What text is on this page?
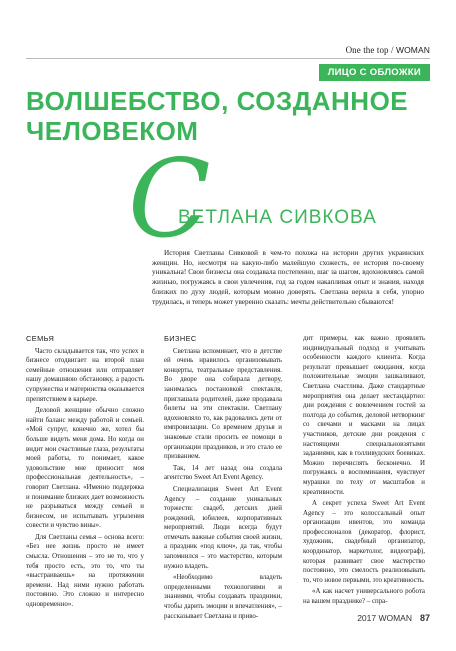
One the top / WOMAN
ЛИЦО С ОБЛОЖКИ
ВОЛШЕБСТВО, СОЗДАННОЕ
ЧЕЛОВЕКОМ
С
ВЕТЛАНА СИВКОВА

История Светланы Сивковой в чем-то похожа на истории других украинских женщин. Но, несмотря на какую-либо малейшую схожесть, ее история по-своему уникальна! Свои бизнесы она создавала постепенно, шаг за шагом, вдохновляясь самой жизнью, погружаясь в свои увлечения, год за годом накапливая опыт и знания, находя близких по духу людей, которым можно доверять. Светлана верила в себя, упорно трудилась, и теперь может уверенно сказать: мечты действительно сбываются!

СЕМЬЯ

Часто складывается так, что успех в бизнесе отодвигает на второй план семейные отношения или отправляет нашу домашнюю обстановку, а радость супружества и материнства оказывается препятствием в карьере.

Деловой женщине обычно сложно найти баланс между работой и семьей. «Мой супруг, конечно же, хотел бы больше видеть меня дома. Но когда он видит мои счастливые глаза, результаты моей работы, то понимает, какое удовольствие мне приносит моя профессиональная деятельность», – говорит Светлана. «Именно поддержка и понимание близких дает возможность не разрываться между семьей и бизнесом, не испытывать угрызения совести и чувство вины».

Для Светланы семья – основа всего: «Без нее жизнь просто не имеет смысла. Отношения – это не то, что у тебя просто есть, это то, что ты «выстраиваешь» на протяжении времени. Над ними нужно работать постоянно. Это сложно и интересно одновременно».

БИЗНЕС

Светлана вспоминает, что в детстве ей очень нравилось организовывать концерты, театральные представления. Во дворе она собирала детвору, занималась постановкой спектакля, приглашала родителей, даже продавала билеты на эти спектакли. Светлану вдохновляло то, как радовались дети от импровизации. Со временем друзья и знакомые стали просить ее помощи в организации праздников, и это стало ее призванием.

Так, 14 лет назад она создала агентство Sweet Art Event Agency.

Специализация Sweet Art Event Agency – создание уникальных торжеств: свадеб, детских дней рождений, юбилеев, корпоративных мероприятий. Люди всегда будут отмечать важные события своей жизни, а праздник «под ключ», да так, чтобы запомнился – это мастерство, которым нужно владеть.

«Необходимо владеть определенными технологиями и знаниями, чтобы создавать праздники, чтобы дарить эмоции и впечатления», – рассказывает Светлана и приво-

дит примеры, как важно проявлять индивидуальный подход и учитывать особенности каждого клиента. Когда результат превышает ожидания, когда положительные эмоции зашкаливают, Светлана счастлива. Даже стандартные мероприятия она делает нестандартно: дни рождения с вовлечением гостей за полгода до события, деловой нетворкинг со свечами и масками на лицах участников, детские дни рождения с настоящими специальновзятыми заданиями, как в голливудских боевиках. Можно перечислять бесконечно. И погружаясь в воспоминания, чувствует мурашки по телу от масштабов и креативности.

А секрет успеха Sweet Art Event Agency – это колоссальный опыт организации ивентов, это команда профессионалов (декоратор, флорист, художник, свадебный организатор, координатор, маркетолог, видеограф), которая развивает свое мастерство постоянно, это смелость реализовывать то, что новое первыми, это креативность.

«А как насчет универсального робота на вашем празднике? – спра-

2017 WOMAN 87
